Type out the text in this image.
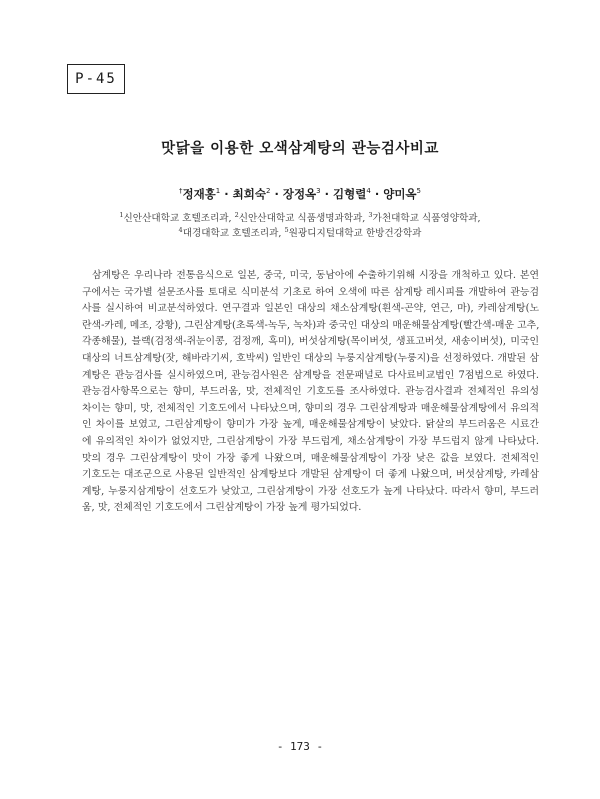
P-45
맛닭을 이용한 오색삼계탕의 관능검사비교
†정재홍$^1$ · 최희숙$^2$ · 장정옥$^3$ · 김형렬$^4$ · 양미옥$^5$
$^1$신안산대학교 호텔조리과, $^2$신안산대학교 식품생명과학과, $^3$가천대학교 식품영양학과,
$^4$대경대학교 호텔조리과, $^5$원광디지털대학교 한방건강학과
삼계탕은 우리나라 전통음식으로 일본, 중국, 미국, 동남아에 수출하기위해 시장을 개척하고 있다. 본연
구에서는 국가별 설문조사를 토대로 식미분석 기초로 하여 오색에 따른 삼계탕 레시피를 개발하여 관능검
사를 실시하여 비교분석하였다. 연구결과 일본인 대상의 채소삼계탕(흰색-곤약, 연근, 마), 카레삼계탕(노
란색-카레, 메조, 강황), 그린삼계탕(초록색-녹두, 녹차)과 중국인 대상의 매운해물삼계탕(빨간색-매운 고추,
각종해물), 블랙(검정색-쥐눈이콩, 검정깨, 흑미), 버섯삼계탕(목이버섯, 생표고버섯, 새송이버섯), 미국인
대상의 너트삼계탕(잣, 해바라기씨, 호박씨) 일반인 대상의 누룽지삼계탕(누룽지)을 선정하였다. 개발된 삼
계탕은 관능검사를 실시하였으며, 관능검사원은 삼계탕을 전문패널로 다사료비교법인 7점법으로 하였다.
관능검사항목으로는 향미, 부드러움, 맛, 전체적인 기호도를 조사하였다. 관능검사결과 전체적인 유의성
차이는 향미, 맛, 전체적인 기호도에서 나타났으며, 향미의 경우 그린삼계탕과 매운해물삼계탕에서 유의적
인 차이를 보였고, 그린삼계탕이 향미가 가장 높게, 매운해물삼계탕이 낮았다. 닭살의 부드러움은 시료간
에 유의적인 차이가 없었지만, 그린삼계탕이 가장 부드럽게, 채소삼계탕이 가장 부드럽지 않게 나타났다.
맛의 경우 그린삼계탕이 맛이 가장 좋게 나왔으며, 매운해물삼계탕이 가장 낮은 값을 보였다. 전체적인
기호도는 대조군으로 사용된 일반적인 삼계탕보다 개발된 삼계탕이 더 좋게 나왔으며, 버섯삼계탕, 카레삼
계탕, 누룽지삼계탕이 선호도가 낮았고, 그린삼계탕이 가장 선호도가 높게 나타났다. 따라서 향미, 부드러
움, 맛, 전체적인 기호도에서 그린삼계탕이 가장 높게 평가되었다.
- 173 -
